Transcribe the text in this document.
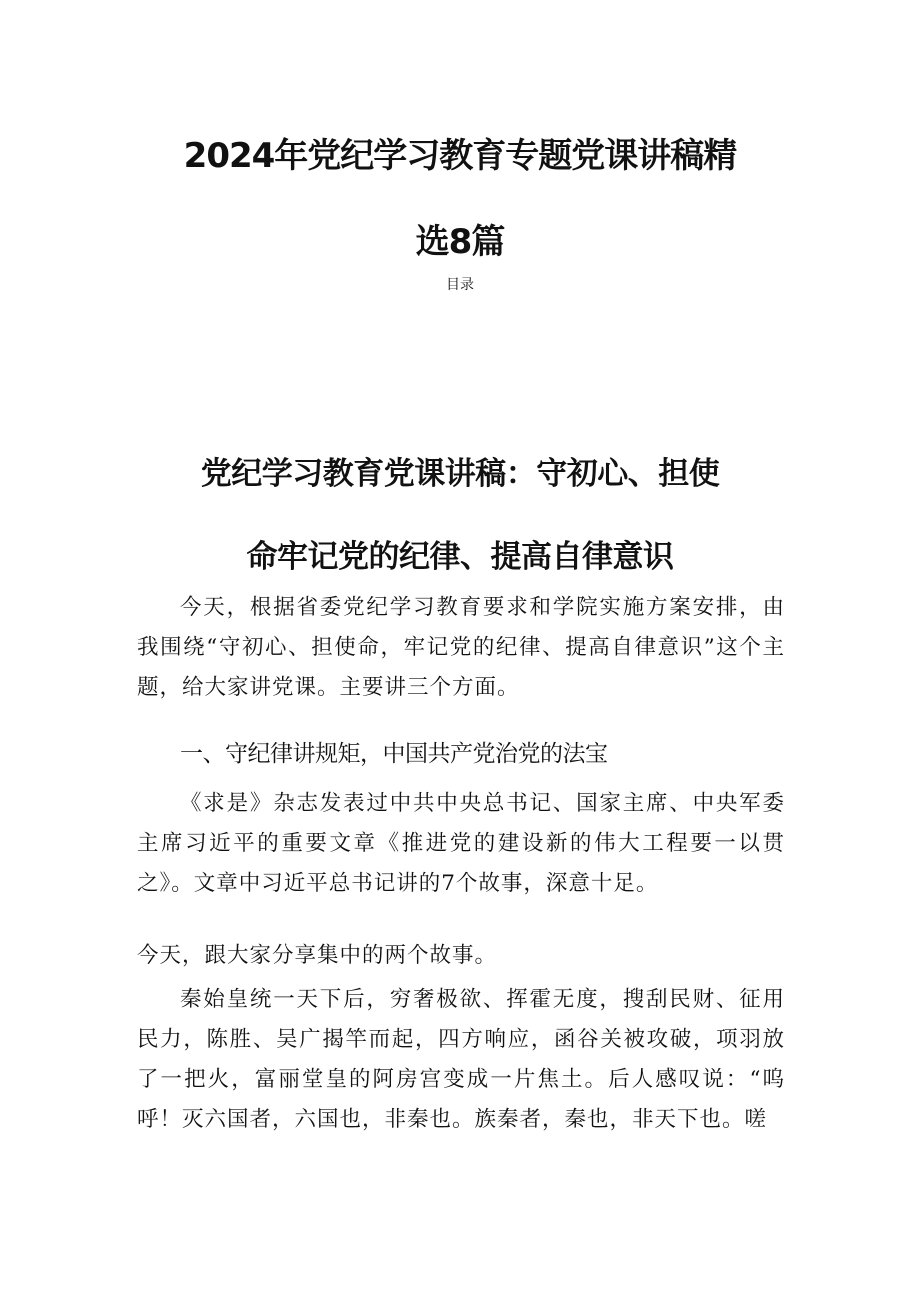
2024年党纪学习教育专题党课讲稿精
选8篇

目录

党纪学习教育党课讲稿：守初心、担使
命牢记党的纪律、提高自律意识

今天，根据省委党纪学习教育要求和学院实施方案安排，由我围绕“守初心、担使命，牢记党的纪律、提高自律意识”这个主题，给大家讲党课。主要讲三个方面。

一、守纪律讲规矩，中国共产党治党的法宝

《求是》杂志发表过中共中央总书记、国家主席、中央军委主席习近平的重要文章《推进党的建设新的伟大工程要一以贯之》。文章中习近平总书记讲的7个故事，深意十足。

今天，跟大家分享集中的两个故事。

秦始皇统一天下后，穷奢极欲、挥霍无度，搜刮民财、征用民力，陈胜、吴广揭竿而起，四方响应，函谷关被攻破，项羽放了一把火，富丽堂皇的阿房宫变成一片焦土。后人感叹说：“呜呼！灭六国者，六国也，非秦也。族秦者，秦也，非天下也。嗟
